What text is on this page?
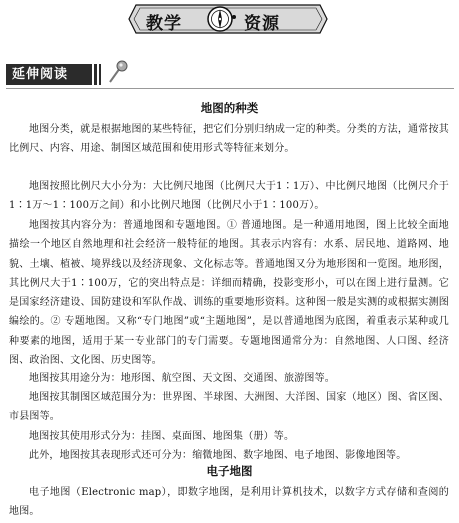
教学	资源
延伸阅读
地图的种类

地图分类，就是根据地图的某些特征，把它们分别归纳成一定的种类。分类的方法，通常按其比例尺、内容、用途、制图区域范围和使用形式等特征来划分。

地图按照比例尺大小分为：大比例尺地图（比例尺大于1∶1万）、中比例尺地图（比例尺介于1∶1万～1∶100万之间）和小比例尺地图（比例尺小于1∶100万）。

地图按其内容分为：普通地图和专题地图。① 普通地图。是一种通用地图，图上比较全面地描绘一个地区自然地理和社会经济一般特征的地图。其表示内容有：水系、居民地、道路网、地貌、土壤、植被、境界线以及经济现象、文化标志等。普通地图又分为地形图和一览图。地形图，其比例尺大于1∶100万，它的突出特点是：详细而精确，投影变形小，可以在图上进行量测。它是国家经济建设、国防建设和军队作战、训练的重要地形资料。这种图一般是实测的或根据实测图编绘的。② 专题地图。又称“专门地图”或“主题地图”，是以普通地图为底图，着重表示某种或几种要素的地图，适用于某一专业部门的专门需要。专题地图通常分为：自然地图、人口图、经济图、政治图、文化图、历史图等。

地图按其用途分为：地形图、航空图、天文图、交通图、旅游图等。

地图按其制图区域范围分为：世界图、半球图、大洲图、大洋图、国家（地区）图、省区图、市县图等。

地图按其使用形式分为：挂图、桌面图、地图集（册）等。

此外，地图按其表现形式还可分为：缩微地图、数字地图、电子地图、影像地图等。

电子地图

电子地图（Electronic map），即数字地图，是利用计算机技术，以数字方式存储和查阅的地图。
